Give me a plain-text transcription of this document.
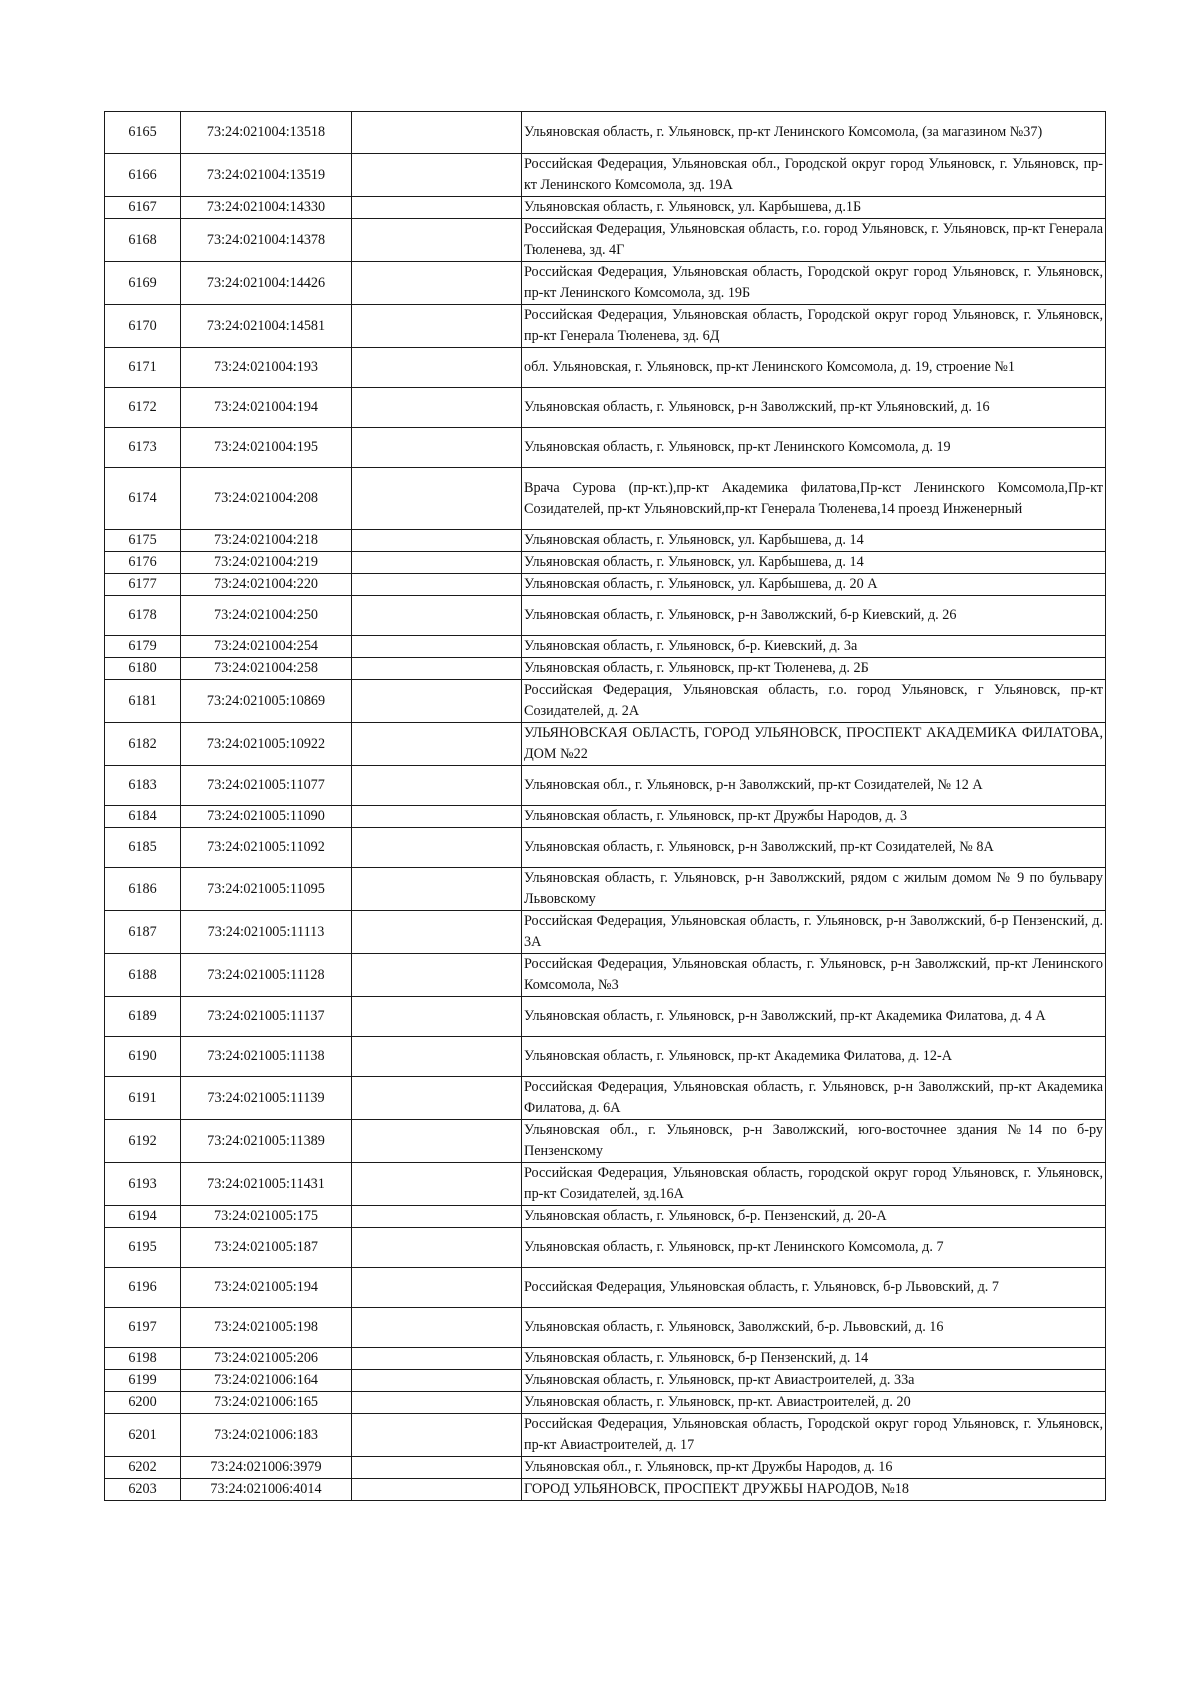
6165	73:24:021004:13518		Ульяновская область, г. Ульяновск, пр-кт Ленинского Комсомола, (за магазином №37)
6166	73:24:021004:13519		Российская Федерация, Ульяновская обл., Городской округ город Ульяновск, г. Ульяновск, пр-кт Ленинского Комсомола, зд. 19А
6167	73:24:021004:14330		Ульяновская область, г. Ульяновск, ул. Карбышева, д.1Б
6168	73:24:021004:14378		Российская Федерация, Ульяновская область, г.о. город Ульяновск, г. Ульяновск, пр-кт Генерала Тюленева, зд. 4Г
6169	73:24:021004:14426		Российская Федерация, Ульяновская область, Городской округ город Ульяновск, г. Ульяновск, пр-кт Ленинского Комсомола, зд. 19Б
6170	73:24:021004:14581		Российская Федерация, Ульяновская область, Городской округ город Ульяновск, г. Ульяновск, пр-кт Генерала Тюленева, зд. 6Д
6171	73:24:021004:193		обл. Ульяновская, г. Ульяновск, пр-кт Ленинского Комсомола, д. 19, строение №1
6172	73:24:021004:194		Ульяновская область, г. Ульяновск, р-н Заволжский, пр-кт Ульяновский, д. 16
6173	73:24:021004:195		Ульяновская область, г. Ульяновск, пр-кт Ленинского Комсомола, д. 19
6174	73:24:021004:208		Врача Сурова (пр-кт.),пр-кт Академика филатова,Пр-кст Ленинского Комсомола,Пр-кт Созидателей, пр-кт Ульяновский,пр-кт Генерала Тюленева,14 проезд Инженерный
6175	73:24:021004:218		Ульяновская область, г. Ульяновск, ул. Карбышева, д. 14
6176	73:24:021004:219		Ульяновская область, г. Ульяновск, ул. Карбышева, д. 14
6177	73:24:021004:220		Ульяновская область, г. Ульяновск, ул. Карбышева, д. 20 А
6178	73:24:021004:250		Ульяновская область, г. Ульяновск, р-н Заволжский, б-р Киевский, д. 26
6179	73:24:021004:254		Ульяновская область, г. Ульяновск, б-р. Киевский, д. 3а
6180	73:24:021004:258		Ульяновская область, г. Ульяновск, пр-кт Тюленева, д. 2Б
6181	73:24:021005:10869		Российская Федерация, Ульяновская область, г.о. город Ульяновск, г Ульяновск, пр-кт Созидателей, д. 2А
6182	73:24:021005:10922		УЛЬЯНОВСКАЯ ОБЛАСТЬ, ГОРОД УЛЬЯНОВСК, ПРОСПЕКТ АКАДЕМИКА ФИЛАТОВА, ДОМ №22
6183	73:24:021005:11077		Ульяновская обл., г. Ульяновск, р-н Заволжский, пр-кт Созидателей, № 12 А
6184	73:24:021005:11090		Ульяновская область, г. Ульяновск, пр-кт Дружбы Народов, д. 3
6185	73:24:021005:11092		Ульяновская область, г. Ульяновск, р-н Заволжский, пр-кт Созидателей, № 8А
6186	73:24:021005:11095		Ульяновская область, г. Ульяновск, р-н Заволжский, рядом с жилым домом № 9 по бульвару Львовскому
6187	73:24:021005:11113		Российская Федерация, Ульяновская область, г. Ульяновск, р-н Заволжский, б-р Пензенский, д. 3А
6188	73:24:021005:11128		Российская Федерация, Ульяновская область, г. Ульяновск, р-н Заволжский, пр-кт Ленинского Комсомола, №3
6189	73:24:021005:11137		Ульяновская область, г. Ульяновск, р-н Заволжский, пр-кт Академика Филатова, д. 4 А
6190	73:24:021005:11138		Ульяновская область, г. Ульяновск, пр-кт Академика Филатова, д. 12-А
6191	73:24:021005:11139		Российская Федерация, Ульяновская область, г. Ульяновск, р-н Заволжский, пр-кт Академика Филатова, д. 6А
6192	73:24:021005:11389		Ульяновская обл., г. Ульяновск, р-н Заволжский, юго-восточнее здания №14 по б-ру Пензенскому
6193	73:24:021005:11431		Российская Федерация, Ульяновская область, городской округ город Ульяновск, г. Ульяновск, пр-кт Созидателей, зд.16А
6194	73:24:021005:175		Ульяновская область, г. Ульяновск, б-р. Пензенский, д. 20-А
6195	73:24:021005:187		Ульяновская область, г. Ульяновск, пр-кт Ленинского Комсомола, д. 7
6196	73:24:021005:194		Российская Федерация, Ульяновская область, г. Ульяновск, б-р Львовский, д. 7
6197	73:24:021005:198		Ульяновская область, г. Ульяновск, Заволжский, б-р. Львовский, д. 16
6198	73:24:021005:206		Ульяновская область, г. Ульяновск, б-р Пензенский, д. 14
6199	73:24:021006:164		Ульяновская область, г. Ульяновск, пр-кт Авиастроителей, д. 33а
6200	73:24:021006:165		Ульяновская область, г. Ульяновск, пр-кт. Авиастроителей, д. 20
6201	73:24:021006:183		Российская Федерация, Ульяновская область, Городской округ город Ульяновск, г. Ульяновск, пр-кт Авиастроителей, д. 17
6202	73:24:021006:3979		Ульяновская обл., г. Ульяновск, пр-кт Дружбы Народов, д. 16
6203	73:24:021006:4014		ГОРОД УЛЬЯНОВСК, ПРОСПЕКТ ДРУЖБЫ НАРОДОВ, №18
